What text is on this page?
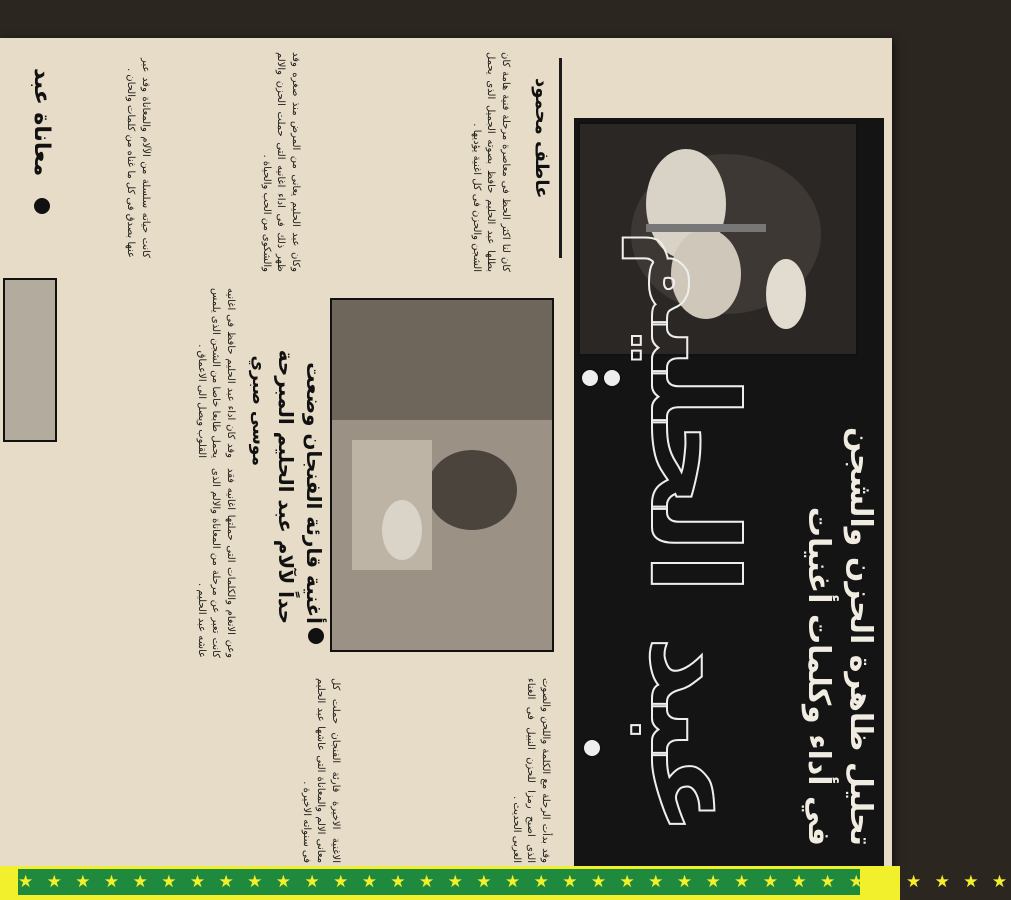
تحليل ظاهرة الحزن والشجن
في أداء وكلمات أغنيات
عبد الحليم
عاطف محمود
أغنية قارئة الفنجان وضعت
حداً لآلام عبد الحليم المبرحة
موسى صبري
كان لنا اكثر الحظ فى معاصرة مرحلة فنية هامة كان بطلها عبد الحليم حافظ بصوته الجميل الذى يحمل الشجن والحزن فى كل اغنية يؤديها .
وكان عبد الحليم يعانى من المرض منذ صغره وقد ظهر ذلك فى اداء اغانيه التى حملت الحزن والالم والشكوى من الحب والحياة .
وقد كان اداء عبد الحليم حافظ فى اغانيه يحمل طابعا خاصا من الشجن الذى يلمس القلوب ويصل الى الاعماق .
وعن الانغام والكلمات التى حملتها اغانيه فقد كانت تعبر عن مرحلة من المعاناة والالم الذى عاشه عبد الحليم .
وقد بدأت الرحلة مع الكلمة واللحن والصوت الذى اصبح رمزا للحزن النبيل فى الغناء العربى الحديث .
الاغنية الاخيرة قارئة الفنجان حملت كل معانى الالم والمعاناة التى عاشها عبد الحليم فى سنواته الاخيرة .
كانت حياته سلسلة من الآلام والمعاناة وقد عبر عنها بصدق فى كل ما غناه من كلمات والحان .
معاناة عبد
★ ★ ★ ★ ★ ★ ★ ★ ★ ★ ★ ★ ★ ★ ★ ★ ★ ★ ★ ★ ★ ★ ★ ★ ★ ★ ★ ★ ★ ★ ★ ★ ★ ★ ★
